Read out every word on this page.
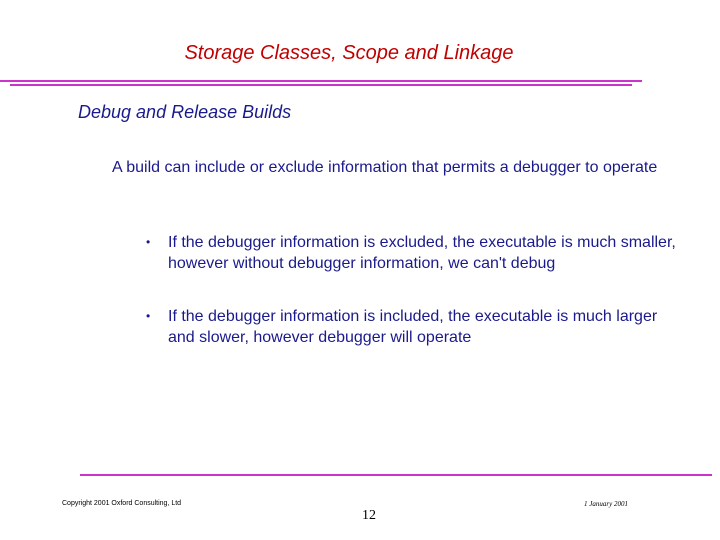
Storage Classes, Scope and Linkage
Debug and Release Builds
A build can include or exclude information that permits a debugger to operate
• If the debugger information is excluded, the executable is much smaller, however without debugger information, we can't debug
• If the debugger information is included, the executable is much larger and slower, however debugger will operate
Copyright 2001 Oxford Consulting, Ltd	1 January 2001
12
